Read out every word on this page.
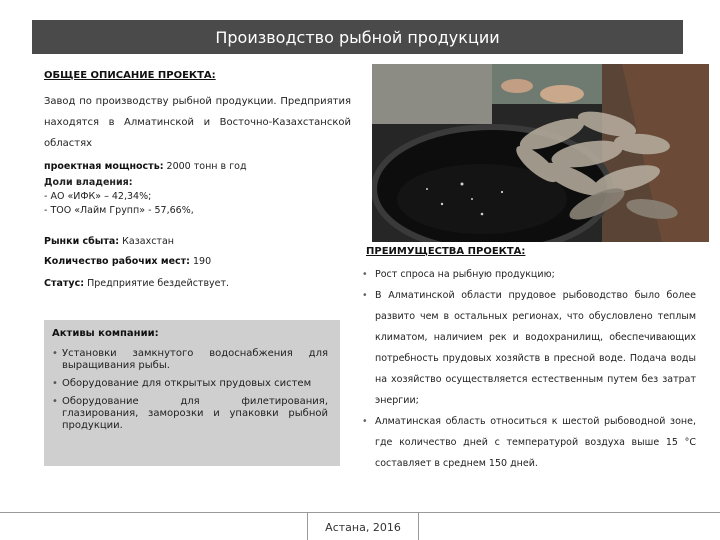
Производство рыбной продукции
ОБЩЕЕ ОПИСАНИЕ ПРОЕКТА:
Завод по производству рыбной продукции. Предприятия находятся в Алматинской и Восточно-Казахстанской областях
проектная мощность: 2000 тонн в год
Доли владения:
- АО «ИФК» – 42,34%;
- ТОО «Лайм Групп» - 57,66%,
Рынки сбыта: Казахстан
Количество рабочих мест: 190
Статус: Предприятие бездействует.
Активы компании:
• Установки замкнутого водоснабжения для выращивания рыбы.
• Оборудование для открытых прудовых систем
• Оборудование для филетирования, глазирования, заморозки и упаковки рыбной продукции.
ПРЕИМУЩЕСТВА ПРОЕКТА:
• Рост спроса на рыбную продукцию;
• В Алматинской области прудовое рыбоводство было более развито чем в остальных регионах, что обусловлено теплым климатом, наличием рек и водохранилищ, обеспечивающих потребность прудовых хозяйств в пресной воде. Подача воды на хозяйство осуществляется естественным путем без затрат энергии;
• Алматинская область относиться к шестой рыбоводной зоне, где количество дней с температурой воздуха выше 15 °С составляет в среднем 150 дней.
Астана, 2016
